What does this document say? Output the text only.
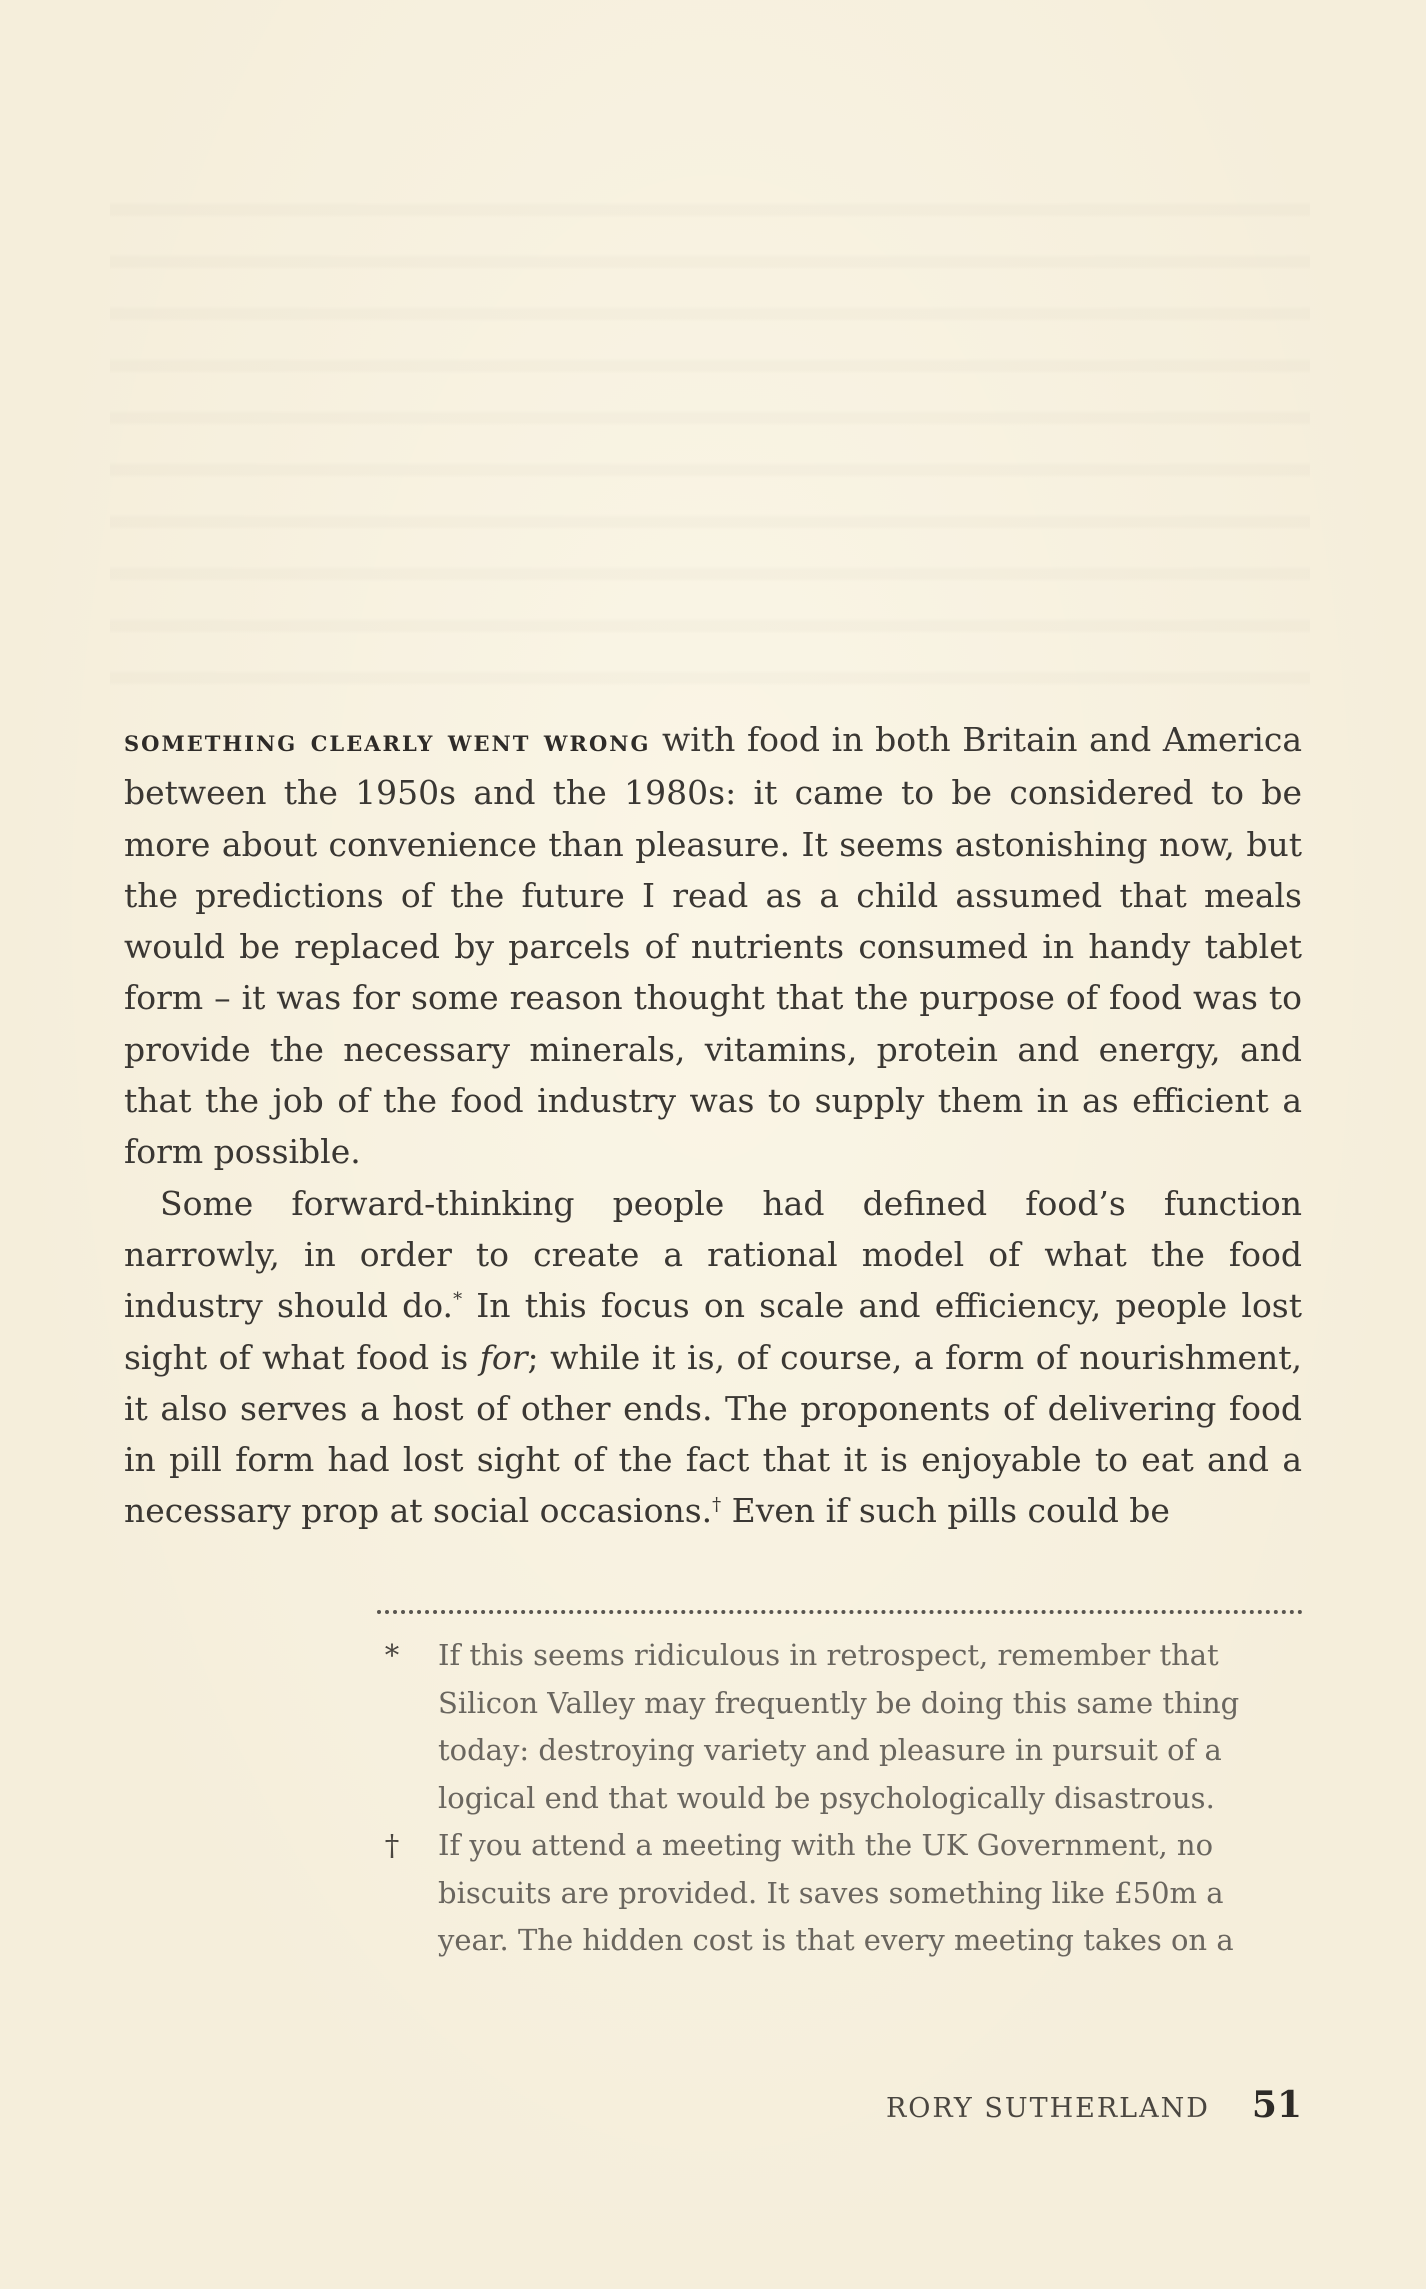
something clearly went wrong with food in both Britain and America between the 1950s and the 1980s: it came to be considered to be more about convenience than pleasure. It seems astonishing now, but the predictions of the future I read as a child assumed that meals would be replaced by parcels of nutrients consumed in handy tablet form – it was for some reason thought that the purpose of food was to provide the necessary minerals, vitamins, protein and energy, and that the job of the food industry was to supply them in as efficient a form possible.

Some forward-thinking people had defined food’s function narrowly, in order to create a rational model of what the food industry should do.* In this focus on scale and efficiency, people lost sight of what food is for; while it is, of course, a form of nourishment, it also serves a host of other ends. The proponents of delivering food in pill form had lost sight of the fact that it is enjoyable to eat and a necessary prop at social occasions.† Even if such pills could be

*	If this seems ridiculous in retrospect, remember that Silicon Valley may frequently be doing this same thing today: destroying variety and pleasure in pursuit of a logical end that would be psychologically disastrous.
†	If you attend a meeting with the UK Government, no biscuits are provided. It saves something like £50m a year. The hidden cost is that every meeting takes on a
RORY SUTHERLAND 51
